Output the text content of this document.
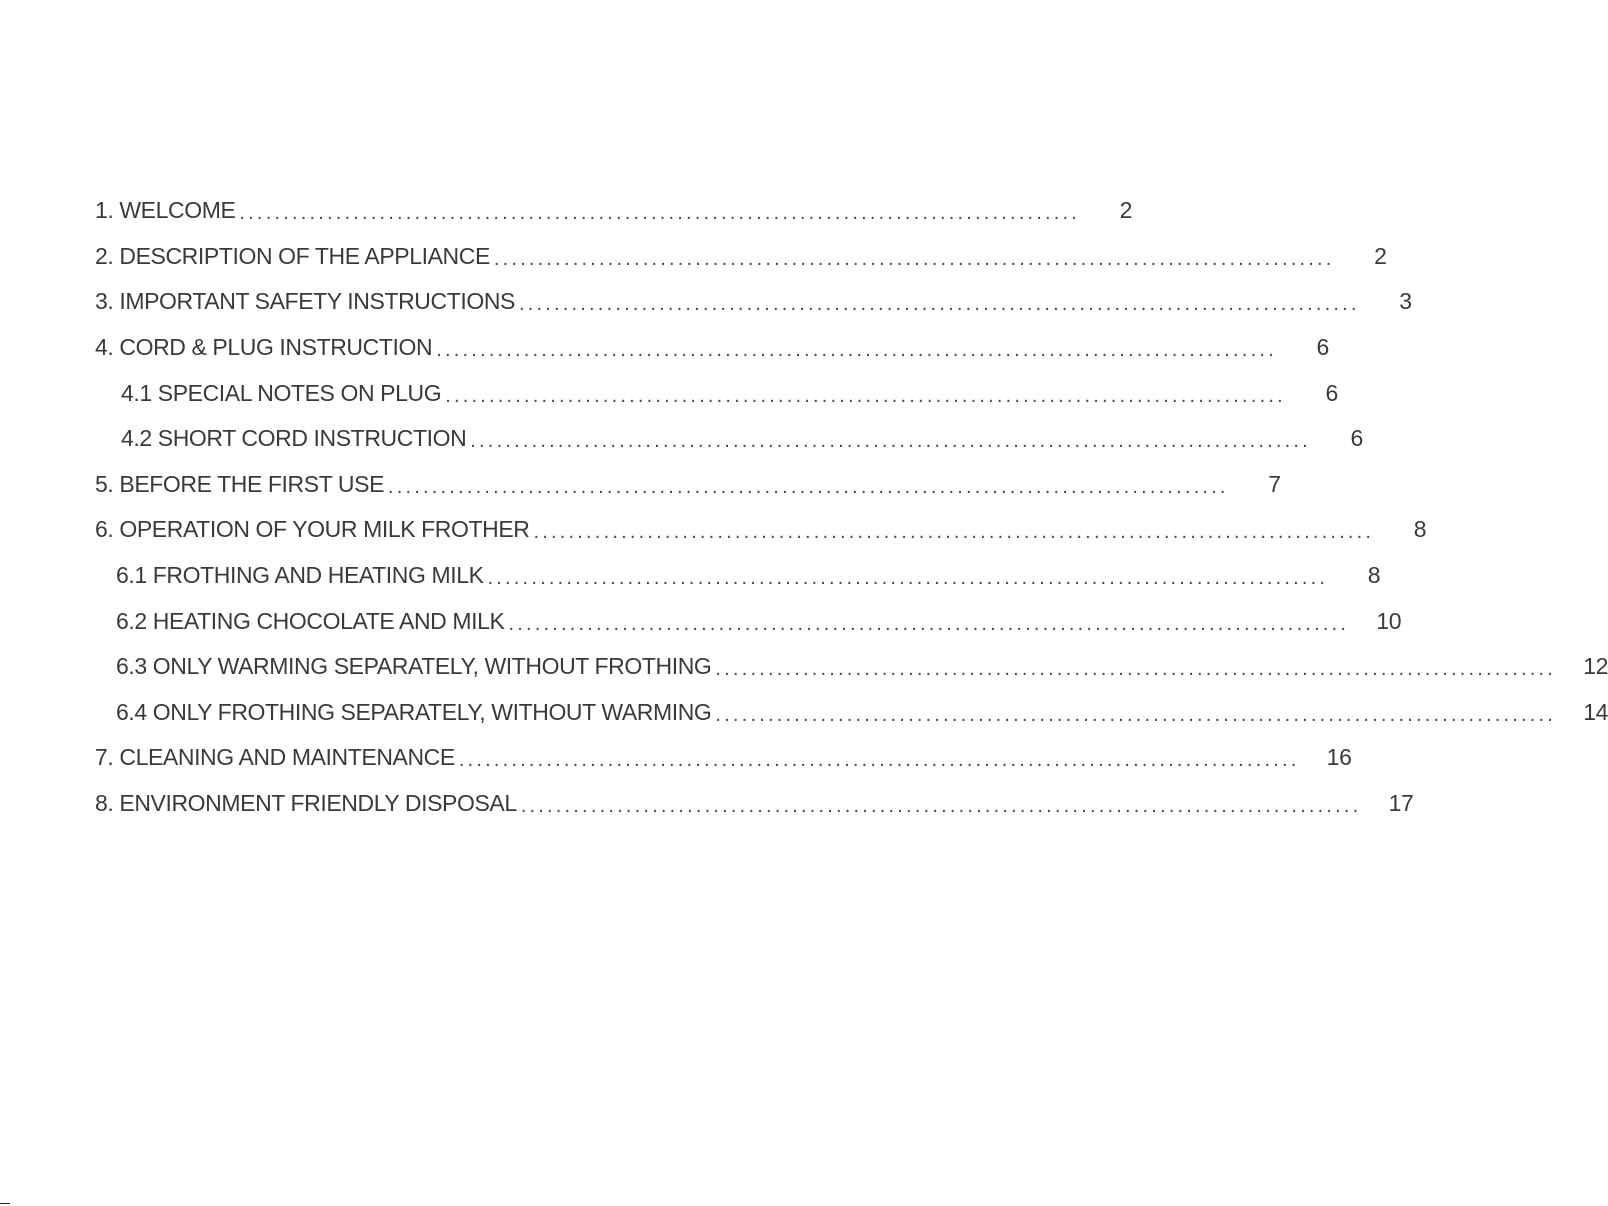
1. WELCOME ................................................................................................	2
2. DESCRIPTION OF THE APPLIANCE ................................................................................................	2
3. IMPORTANT SAFETY INSTRUCTIONS ................................................................................................	3
4. CORD & PLUG INSTRUCTION ................................................................................................	6
4.1 SPECIAL NOTES ON PLUG ................................................................................................	6
4.2 SHORT CORD INSTRUCTION ................................................................................................	6
5. BEFORE THE FIRST USE ................................................................................................	7
6. OPERATION OF YOUR MILK FROTHER ................................................................................................	8
6.1 FROTHING AND HEATING MILK ................................................................................................	8
6.2 HEATING CHOCOLATE AND MILK ................................................................................................	10
6.3 ONLY WARMING SEPARATELY, WITHOUT FROTHING ................................................................................................	12
6.4 ONLY FROTHING SEPARATELY, WITHOUT WARMING ................................................................................................	14
7. CLEANING AND MAINTENANCE ................................................................................................	16
8. ENVIRONMENT FRIENDLY DISPOSAL ................................................................................................	17
